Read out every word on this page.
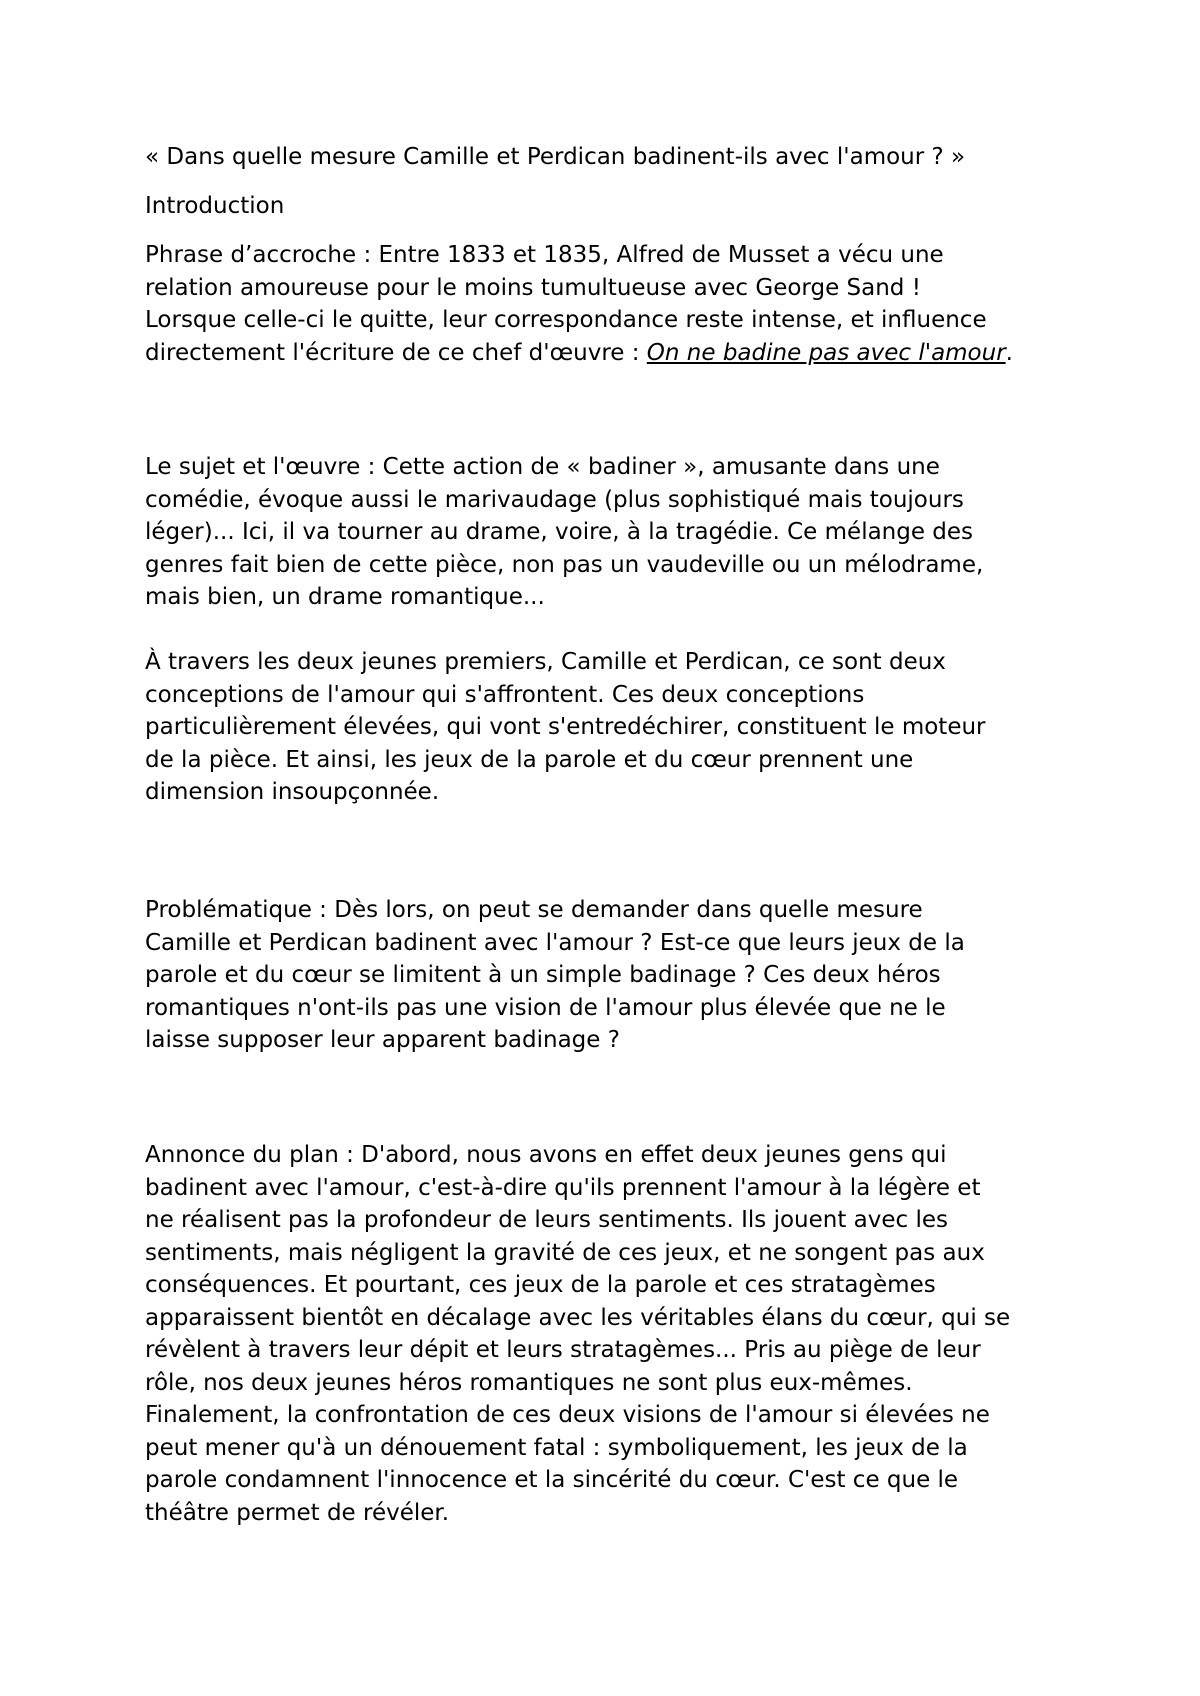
« Dans quelle mesure Camille et Perdican badinent-ils avec l'amour ? »

Introduction

Phrase d’accroche : Entre 1833 et 1835, Alfred de Musset a vécu une
relation amoureuse pour le moins tumultueuse avec George Sand !
Lorsque celle-ci le quitte, leur correspondance reste intense, et influence
directement l'écriture de ce chef d'œuvre : On ne badine pas avec l'amour.

Le sujet et l'œuvre : Cette action de « badiner », amusante dans une
comédie, évoque aussi le marivaudage (plus sophistiqué mais toujours
léger)... Ici, il va tourner au drame, voire, à la tragédie. Ce mélange des
genres fait bien de cette pièce, non pas un vaudeville ou un mélodrame,
mais bien, un drame romantique...

À travers les deux jeunes premiers, Camille et Perdican, ce sont deux
conceptions de l'amour qui s'affrontent. Ces deux conceptions
particulièrement élevées, qui vont s'entredéchirer, constituent le moteur
de la pièce. Et ainsi, les jeux de la parole et du cœur prennent une
dimension insoupçonnée.

Problématique : Dès lors, on peut se demander dans quelle mesure
Camille et Perdican badinent avec l'amour ? Est-ce que leurs jeux de la
parole et du cœur se limitent à un simple badinage ? Ces deux héros
romantiques n'ont-ils pas une vision de l'amour plus élevée que ne le
laisse supposer leur apparent badinage ?

Annonce du plan : D'abord, nous avons en effet deux jeunes gens qui
badinent avec l'amour, c'est-à-dire qu'ils prennent l'amour à la légère et
ne réalisent pas la profondeur de leurs sentiments. Ils jouent avec les
sentiments, mais négligent la gravité de ces jeux, et ne songent pas aux
conséquences. Et pourtant, ces jeux de la parole et ces stratagèmes
apparaissent bientôt en décalage avec les véritables élans du cœur, qui se
révèlent à travers leur dépit et leurs stratagèmes... Pris au piège de leur
rôle, nos deux jeunes héros romantiques ne sont plus eux-mêmes.
Finalement, la confrontation de ces deux visions de l'amour si élevées ne
peut mener qu'à un dénouement fatal : symboliquement, les jeux de la
parole condamnent l'innocence et la sincérité du cœur. C'est ce que le
théâtre permet de révéler.
